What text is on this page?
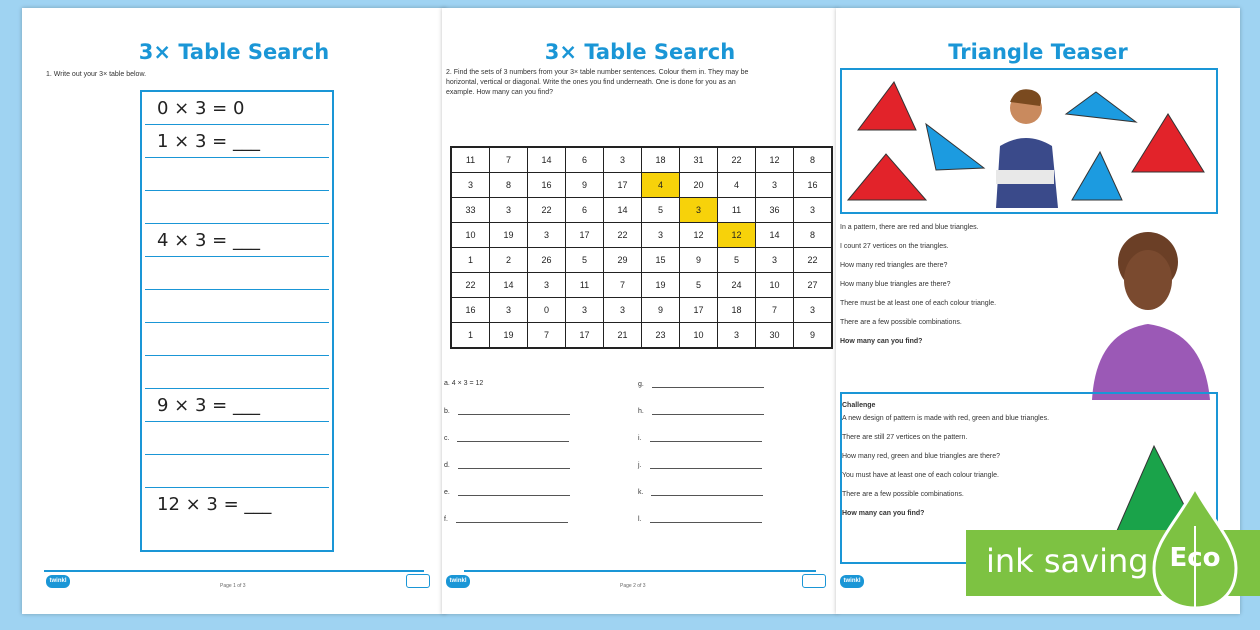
3× Table Search
1. Write out your 3× table below.
0 × 3 = 0
1 × 3 = ___
4 × 3 = ___
9 × 3 = ___
12 × 3 = ___
twinkl
Page 1 of 3
3× Table Search
2. Find the sets of 3 numbers from your 3× table number sentences. Colour them in. They may be horizontal, vertical or diagonal. Write the ones you find underneath. One is done for you as an example. How many can you find?
11	7	14	6	3	18	31	22	12	8
3	8	16	9	17	4	20	4	3	16
33	3	22	6	14	5	3	11	36	3
10	19	3	17	22	3	12	12	14	8
1	2	26	5	29	15	9	5	3	22
22	14	3	11	7	19	5	24	10	27
16	3	0	3	3	9	17	18	7	3
1	19	7	17	21	23	10	3	30	9
a. 4 × 3 = 12
b.
c.
d.
e.
f.
g.
h.
i.
j.
k.
l.
twinkl
Page 2 of 3
Triangle Teaser
In a pattern, there are red and blue triangles.
I count 27 vertices on the triangles.
How many red triangles are there?
How many blue triangles are there?
There must be at least one of each colour triangle.
There are a few possible combinations.
How many can you find?
Challenge
A new design of pattern is made with red, green and blue triangles.
There are still 27 vertices on the pattern.
How many red, green and blue triangles are there?
You must have at least one of each colour triangle.
There are a few possible combinations.
How many can you find?
twinkl
ink saving Eco
